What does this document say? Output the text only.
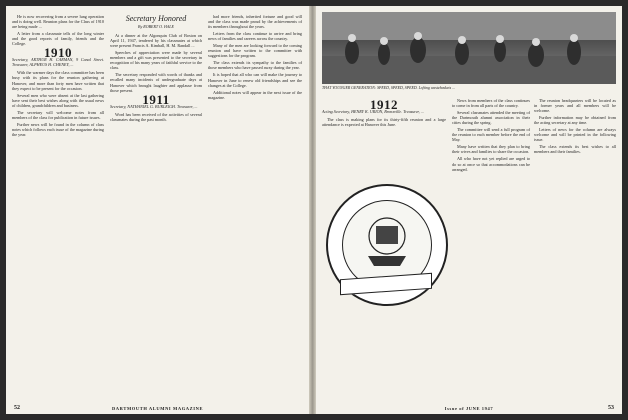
He is now recovering from a severe lung operation and is doing well. Reunion plans for the Class of 1910 are being made ...

A letter from a classmate tells of the long winter and the good reports of family, friends and the College.

1910
Secretary, ARTHUR H. CARMAN, 9 Canal Street. Treasurer, ALPHEUS H. CHENEY, ...

With the warmer days the class committee has been busy with its plans for the reunion gathering at Hanover, and more than forty men have written that they expect to be present for the occasion.

Several men who were absent at the last gathering have sent their best wishes along with the usual news of children, grandchildren and business.

The secretary will welcome notes from all members of the class for publication in future issues.

Further news will be found in the column of class notes which follows each issue of the magazine during the year.

Secretary Honored
By ROBERT O. HALE

At a dinner at the Algonquin Club of Boston on April 11, 1947, tendered by his classmates at which were present Francis A. Kimball, H. M. Randall ...

Speeches of appreciation were made by several members and a gift was presented to the secretary in recognition of his many years of faithful service to the class.

The secretary responded with words of thanks and recalled many incidents of undergraduate days at Hanover which brought laughter and applause from those present.

1911
Secretary, NATHANIEL G. BURLEIGH. Treasurer, ...

Word has been received of the activities of several classmates during the past month.

had more friends, inherited fortune and good will and the class was made proud by the achievements of its members throughout the years.

Letters from the class continue to arrive and bring news of families and careers across the country.

Many of the men are looking forward to the coming reunion and have written to the committee with suggestions for the program.

The class extends its sympathy to the families of those members who have passed away during the year.

It is hoped that all who can will make the journey to Hanover in June to renew old friendships and see the changes at the College.

Additional notes will appear in the next issue of the magazine.

52	DARTMOUTH ALUMNI MAGAZINE
THAT YOUNGER GENERATION: SPEED, SPEED, SPEED. Lofting wastebaskets ...
1912
Acting Secretary, HENRY K. URION, Bronxville. Treasurer, ...

The class is making plans for its thirty-fifth reunion and a large attendance is expected at Hanover this June.

News from members of the class continues to come in from all parts of the country.

Several classmates attended the meeting of the Dartmouth alumni association in their cities during the spring.

The committee will send a full program of the reunion to each member before the end of May.

Many have written that they plan to bring their wives and families to share the occasion.

All who have not yet replied are urged to do so at once so that accommodations can be arranged.

The reunion headquarters will be located as in former years and all members will be welcome.

Further information may be obtained from the acting secretary at any time.

Letters of news for the column are always welcome and will be printed in the following issue.

The class extends its best wishes to all members and their families.

53
Issue of JUNE 1947
